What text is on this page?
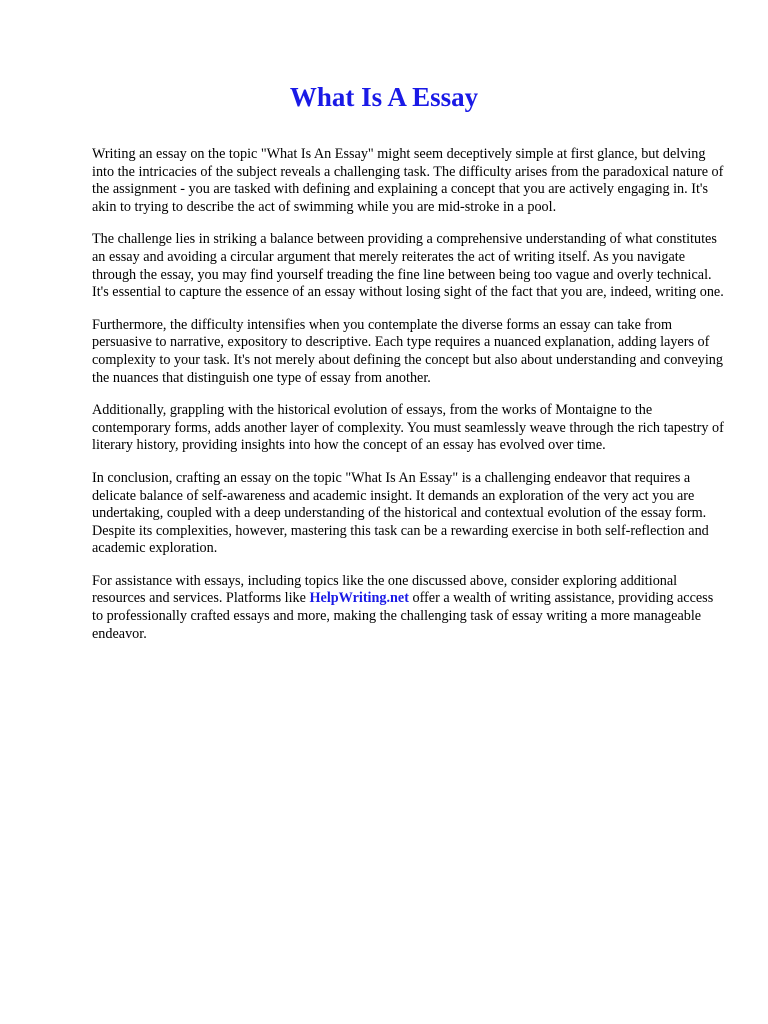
What Is A Essay

Writing an essay on the topic "What Is An Essay" might seem deceptively simple at first glance, but delving into the intricacies of the subject reveals a challenging task. The difficulty arises from the paradoxical nature of the assignment - you are tasked with defining and explaining a concept that you are actively engaging in. It's akin to trying to describe the act of swimming while you are mid-stroke in a pool.

The challenge lies in striking a balance between providing a comprehensive understanding of what constitutes an essay and avoiding a circular argument that merely reiterates the act of writing itself. As you navigate through the essay, you may find yourself treading the fine line between being too vague and overly technical. It's essential to capture the essence of an essay without losing sight of the fact that you are, indeed, writing one.

Furthermore, the difficulty intensifies when you contemplate the diverse forms an essay can take from persuasive to narrative, expository to descriptive. Each type requires a nuanced explanation, adding layers of complexity to your task. It's not merely about defining the concept but also about understanding and conveying the nuances that distinguish one type of essay from another.

Additionally, grappling with the historical evolution of essays, from the works of Montaigne to the contemporary forms, adds another layer of complexity. You must seamlessly weave through the rich tapestry of literary history, providing insights into how the concept of an essay has evolved over time.

In conclusion, crafting an essay on the topic "What Is An Essay" is a challenging endeavor that requires a delicate balance of self-awareness and academic insight. It demands an exploration of the very act you are undertaking, coupled with a deep understanding of the historical and contextual evolution of the essay form. Despite its complexities, however, mastering this task can be a rewarding exercise in both self-reflection and academic exploration.

For assistance with essays, including topics like the one discussed above, consider exploring additional resources and services. Platforms like HelpWriting.net offer a wealth of writing assistance, providing access to professionally crafted essays and more, making the challenging task of essay writing a more manageable endeavor.
